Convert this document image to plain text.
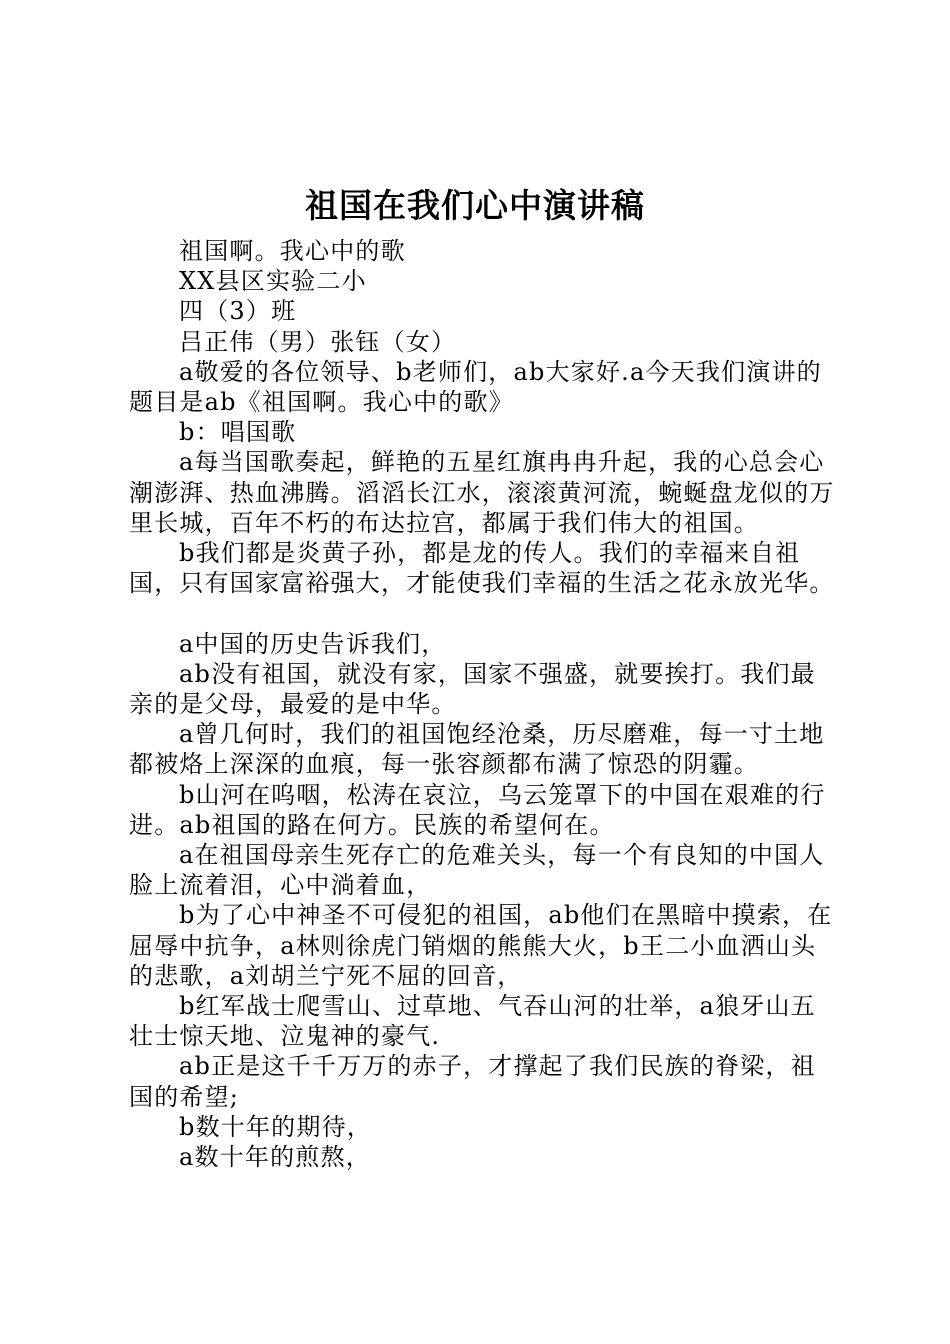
祖国在我们心中演讲稿

祖国啊。我心中的歌

XX县区实验二小

四（3）班

吕正伟（男）张钰（女）

a敬爱的各位领导、b老师们，ab大家好.a今天我们演讲的题目是ab《祖国啊。我心中的歌》

b：唱国歌

a每当国歌奏起，鲜艳的五星红旗冉冉升起，我的心总会心潮澎湃、热血沸腾。滔滔长江水，滚滚黄河流，蜿蜒盘龙似的万里长城，百年不朽的布达拉宫，都属于我们伟大的祖国。

b我们都是炎黄子孙，都是龙的传人。我们的幸福来自祖国，只有国家富裕强大，才能使我们幸福的生活之花永放光华。

a中国的历史告诉我们，

ab没有祖国，就没有家，国家不强盛，就要挨打。我们最亲的是父母，最爱的是中华。

a曾几何时，我们的祖国饱经沧桑，历尽磨难，每一寸土地都被烙上深深的血痕，每一张容颜都布满了惊恐的阴霾。

b山河在呜咽，松涛在哀泣，乌云笼罩下的中国在艰难的行进。ab祖国的路在何方。民族的希望何在。

a在祖国母亲生死存亡的危难关头，每一个有良知的中国人脸上流着泪，心中淌着血，

b为了心中神圣不可侵犯的祖国，ab他们在黑暗中摸索，在屈辱中抗争，a林则徐虎门销烟的熊熊大火，b王二小血洒山头的悲歌，a刘胡兰宁死不屈的回音，

b红军战士爬雪山、过草地、气吞山河的壮举，a狼牙山五壮士惊天地、泣鬼神的豪气.

ab正是这千千万万的赤子，才撑起了我们民族的脊梁，祖国的希望;

b数十年的期待，

a数十年的煎熬，
